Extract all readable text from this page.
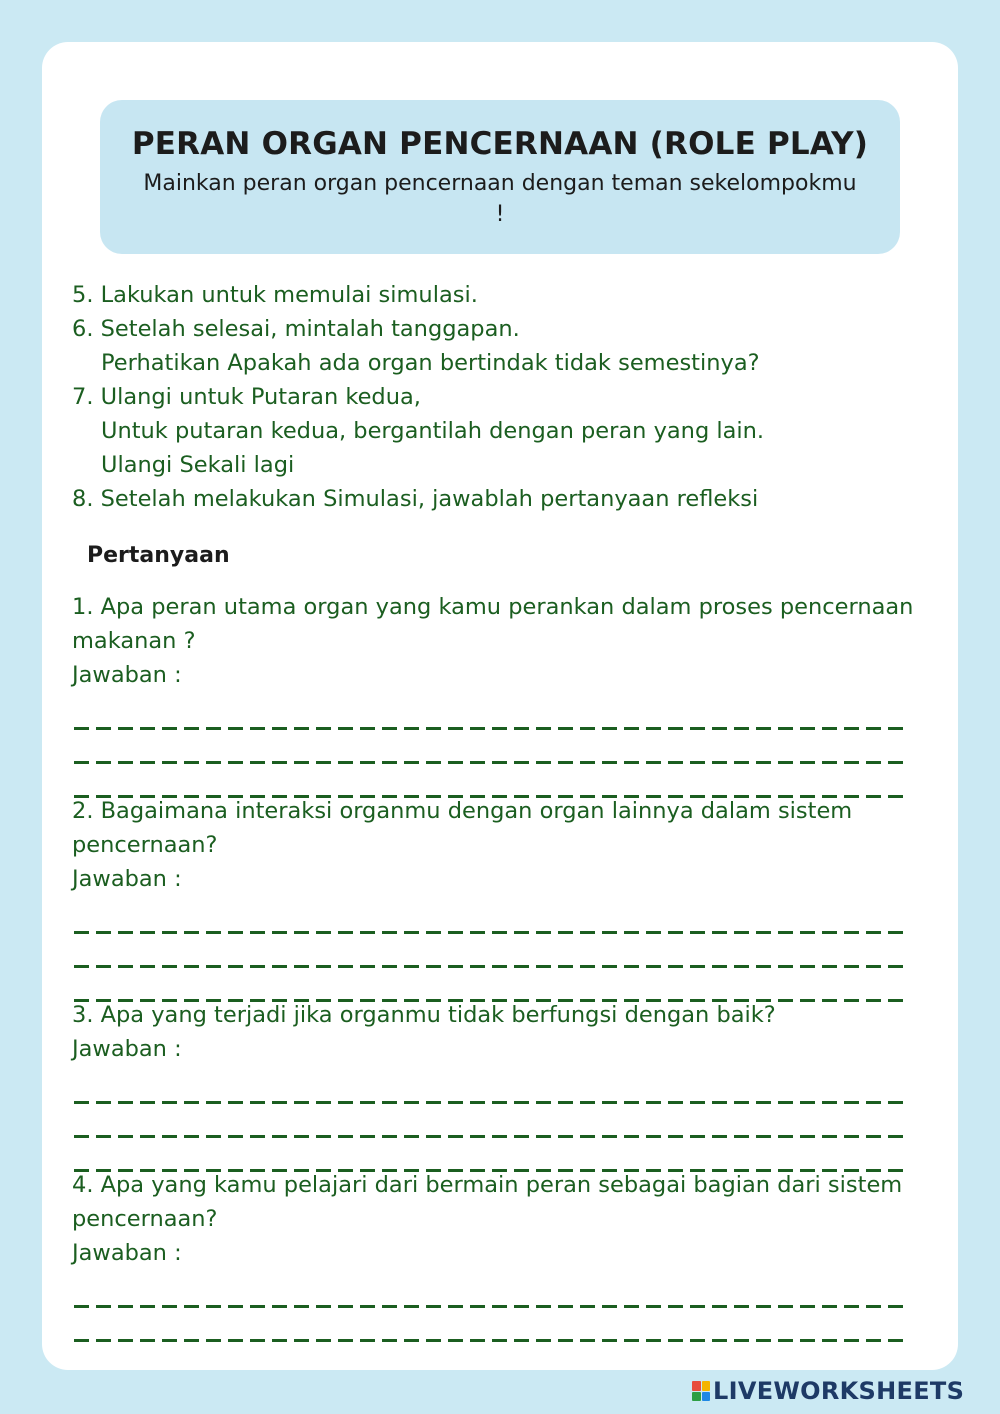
PERAN ORGAN PENCERNAAN (ROLE PLAY)

Mainkan peran organ pencernaan dengan teman sekelompokmu !

5. Lakukan untuk memulai simulasi.

6. Setelah selesai, mintalah tanggapan.

Perhatikan Apakah ada organ bertindak tidak semestinya?

7. Ulangi untuk Putaran kedua,

Untuk putaran kedua, bergantilah dengan peran yang lain.

Ulangi Sekali lagi

8. Setelah melakukan Simulasi, jawablah pertanyaan refleksi

Pertanyaan

1. Apa peran utama organ yang kamu perankan dalam proses pencernaan makanan ?

Jawaban :

2. Bagaimana interaksi organmu dengan organ lainnya dalam sistem pencernaan?

Jawaban :

3. Apa yang terjadi jika organmu tidak berfungsi dengan baik?

Jawaban :

4. Apa yang kamu pelajari dari bermain peran sebagai bagian dari sistem pencernaan?

Jawaban :

LIVEWORKSHEETS
